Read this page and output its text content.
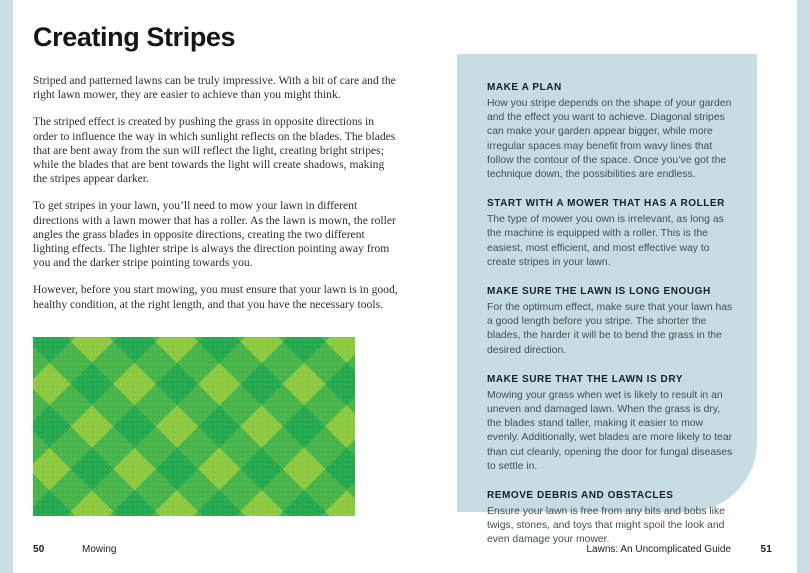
Creating Stripes

Striped and patterned lawns can be truly impressive. With a bit of care and the right lawn mower, they are easier to achieve than you might think.

The striped effect is created by pushing the grass in opposite directions in order to influence the way in which sunlight reflects on the blades. The blades that are bent away from the sun will reflect the light, creating bright stripes; while the blades that are bent towards the light will create shadows, making the stripes appear darker.

To get stripes in your lawn, you’ll need to mow your lawn in different directions with a lawn mower that has a roller. As the lawn is mown, the roller angles the grass blades in opposite directions, creating the two different lighting effects. The lighter stripe is always the direction pointing away from you and the darker stripe pointing towards you.

However, before you start mowing, you must ensure that your lawn is in good, healthy condition, at the right length, and that you have the necessary tools.

MAKE A PLAN

How you stripe depends on the shape of your garden and the effect you want to achieve. Diagonal stripes can make your garden appear bigger, while more irregular spaces may benefit from wavy lines that follow the contour of the space. Once you’ve got the technique down, the possibilities are endless.

START WITH A MOWER THAT HAS A ROLLER

The type of mower you own is irrelevant, as long as the machine is equipped with a roller. This is the easiest, most efficient, and most effective way to create stripes in your lawn.

MAKE SURE THE LAWN IS LONG ENOUGH

For the optimum effect, make sure that your lawn has a good length before you stripe. The shorter the blades, the harder it will be to bend the grass in the desired direction.

MAKE SURE THAT THE LAWN IS DRY

Mowing your grass when wet is likely to result in an uneven and damaged lawn. When the grass is dry, the blades stand taller, making it easier to mow evenly. Additionally, wet blades are more likely to tear than cut cleanly, opening the door for fungal diseases to settle in.

REMOVE DEBRIS AND OBSTACLES

Ensure your lawn is free from any bits and bobs like twigs, stones, and toys that might spoil the look and even damage your mower.

50	Mowing	Lawns: An Uncomplicated Guide	51
